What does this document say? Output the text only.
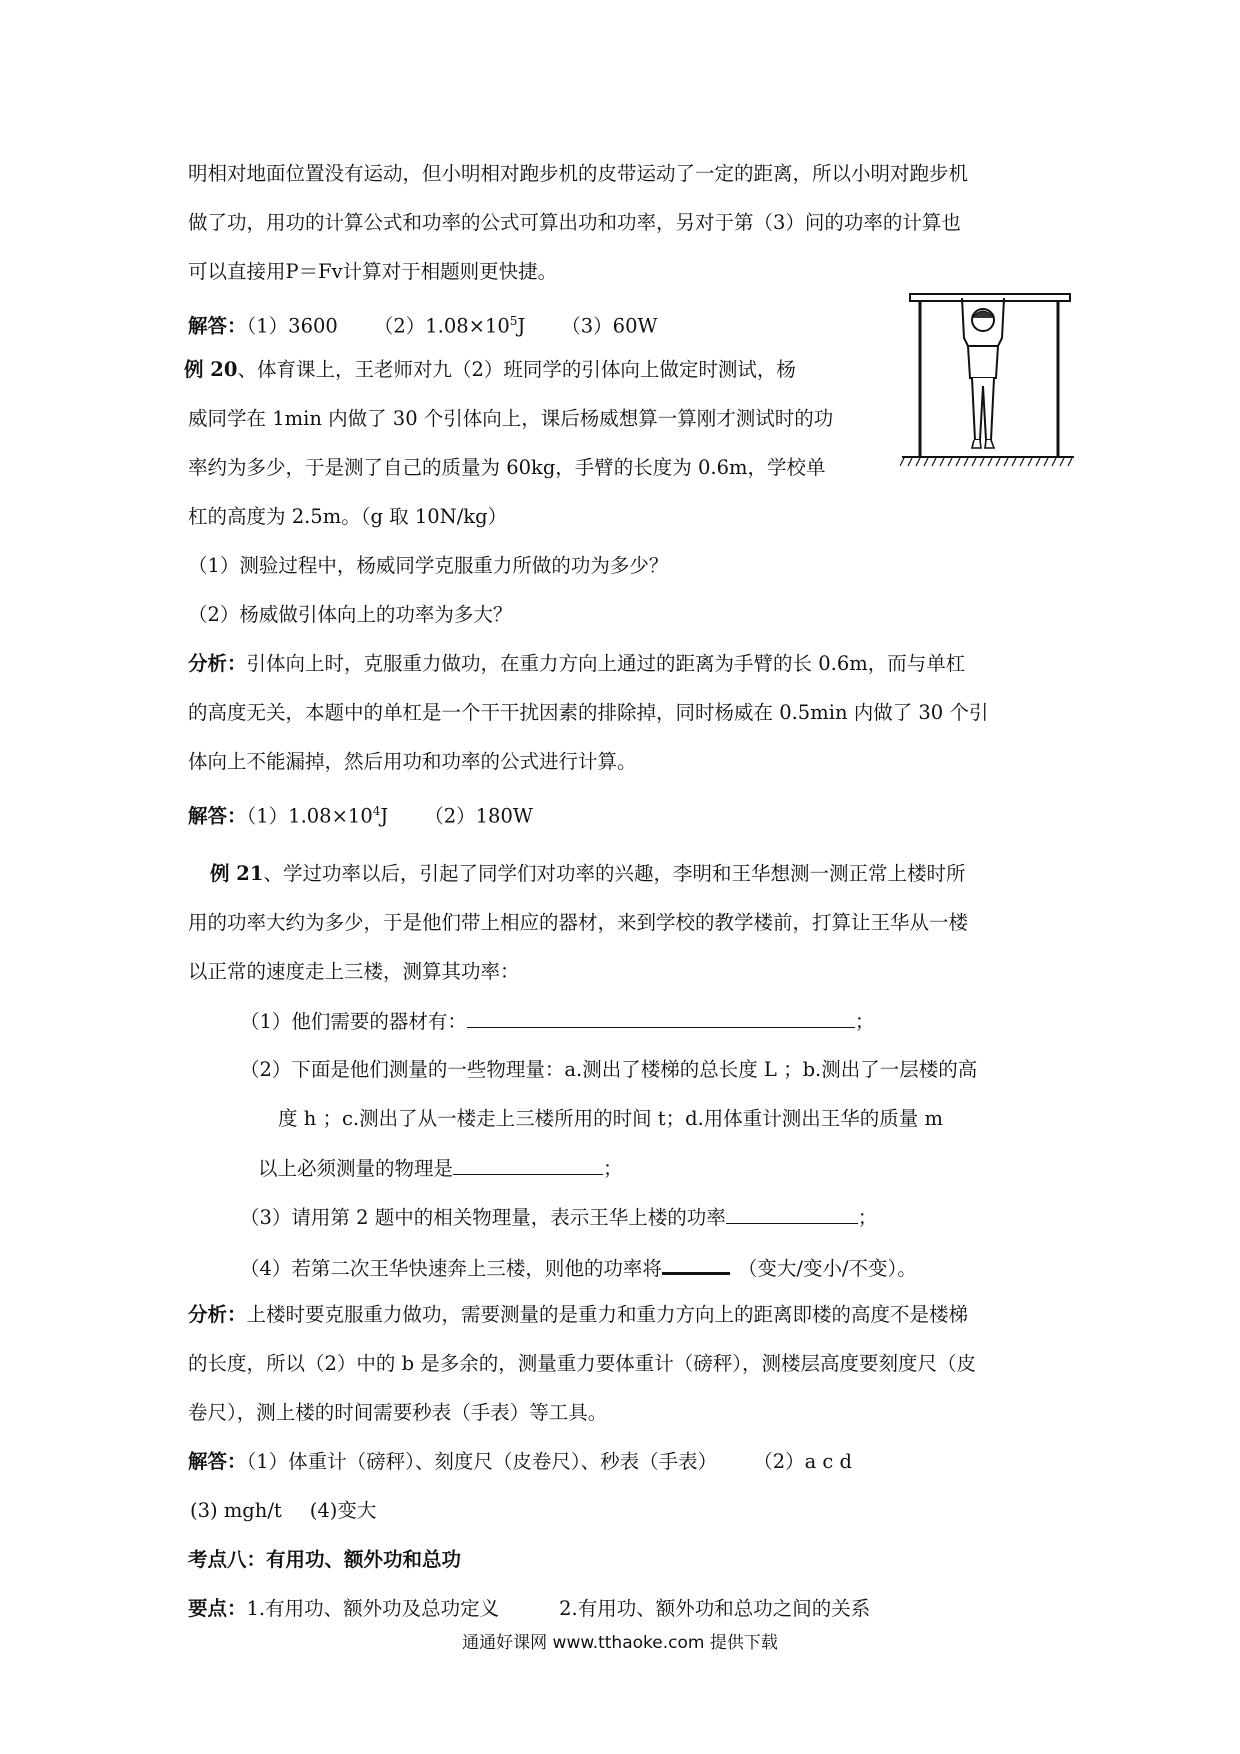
明相对地面位置没有运动，但小明相对跑步机的皮带运动了一定的距离，所以小明对跑步机
做了功，用功的计算公式和功率的公式可算出功和功率，另对于第（3）问的功率的计算也
可以直接用P＝Fv计算对于相题则更快捷。
解答：（1）3600 $(2)1.08\times 10^5J$ （3）60W
例 20、体育课上，王老师对九（2）班同学的引体向上做定时测试，杨
威同学在 1min 内做了 30 个引体向上，课后杨威想算一算刚才测试时的功
率约为多少，于是测了自己的质量为 60kg，手臂的长度为 0.6m，学校单
杠的高度为 2.5m。（g 取 10N/kg）
（1）测验过程中，杨威同学克服重力所做的功为多少？
（2）杨威做引体向上的功率为多大？
分析：引体向上时，克服重力做功，在重力方向上通过的距离为手臂的长 0.6m，而与单杠
的高度无关，本题中的单杠是一个干干扰因素的排除掉，同时杨威在 0.5min 内做了 30 个引
体向上不能漏掉，然后用功和功率的公式进行计算。
解答：$(1)1.08\times 10^4J$ （2）180W
例 21、学过功率以后，引起了同学们对功率的兴趣，李明和王华想测一测正常上楼时所
用的功率大约为多少，于是他们带上相应的器材，来到学校的教学楼前，打算让王华从一楼
以正常的速度走上三楼，测算其功率：
（1）他们需要的器材有：	；
（2）下面是他们测量的一些物理量：a.测出了楼梯的总长度 L ；b.测出了一层楼的高
度 h ；c.测出了从一楼走上三楼所用的时间 t；d.用体重计测出王华的质量 m
以上必须测量的物理是	；
（3）请用第 2 题中的相关物理量，表示王华上楼的功率	；
（4）若第二次王华快速奔上三楼，则他的功率将	（变大/变小/不变）。
分析：上楼时要克服重力做功，需要测量的是重力和重力方向上的距离即楼的高度不是楼梯
的长度，所以（2）中的 b 是多余的，测量重力要体重计（磅秤），测楼层高度要刻度尺（皮
卷尺），测上楼的时间需要秒表（手表）等工具。
解答：（1）体重计（磅秤）、刻度尺（皮卷尺）、秒表（手表） （2）a c d
(3) mgh/t (4)变大
考点八：有用功、额外功和总功
要点：1.有用功、额外功及总功定义	2.有用功、额外功和总功之间的关系
通通好课网 www.tthaoke.com 提供下载
